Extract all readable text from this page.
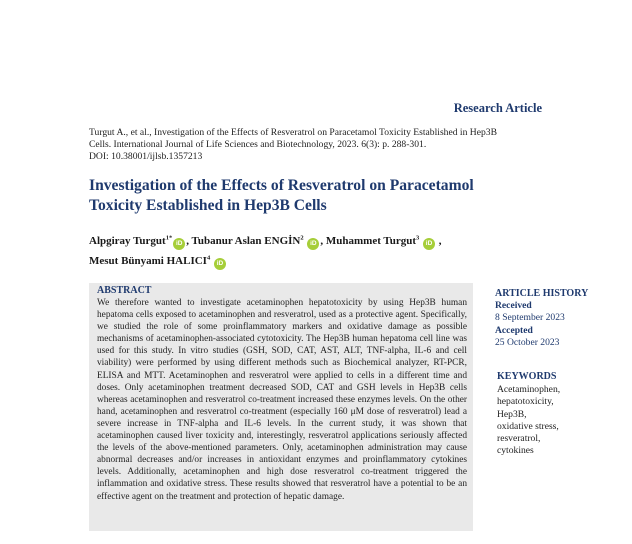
Research Article
Turgut A., et al., Investigation of the Effects of Resveratrol on Paracetamol Toxicity Established in Hep3B
Cells. International Journal of Life Sciences and Biotechnology, 2023. 6(3): p. 288-301.
DOI: 10.38001/ijlsb.1357213
Investigation of the Effects of Resveratrol on Paracetamol
Toxicity Established in Hep3B Cells
Alpgiray Turgut$^{1*}$iD , Tubanur Aslan ENGİN$^2$ iD , Muhammet Turgut$^3$ iD ,
Mesut Bünyami HALICI$^4$ iD
ABSTRACT
We therefore wanted to investigate acetaminophen hepatotoxicity by using Hep3B human hepatoma cells exposed to acetaminophen and resveratrol, used as a protective agent. Specifically, we studied the role of some proinflammatory markers and oxidative damage as possible mechanisms of acetaminophen-associated cytotoxicity. The Hep3B human hepatoma cell line was used for this study. In vitro studies (GSH, SOD, CAT, AST, ALT, TNF-alpha, IL-6 and cell viability) were performed by using different methods such as Biochemical analyzer, RT-PCR, ELISA and MTT. Acetaminophen and resveratrol were applied to cells in a different time and doses. Only acetaminophen treatment decreased SOD, CAT and GSH levels in Hep3B cells whereas acetaminophen and resveratrol co-treatment increased these enzymes levels. On the other hand, acetaminophen and resveratrol co-treatment (especially 160 μM dose of resveratrol) lead a severe increase in TNF-alpha and IL-6 levels. In the current study, it was shown that acetaminophen caused liver toxicity and, interestingly, resveratrol applications seriously affected the levels of the above-mentioned parameters. Only, acetaminophen administration may cause abnormal decreases and/or increases in antioxidant enzymes and proinflammatory cytokines levels. Additionally, acetaminophen and high dose resveratrol co-treatment triggered the inflammation and oxidative stress. These results showed that resveratrol have a potential to be an effective agent on the treatment and protection of hepatic damage.
ARTICLE HISTORY
Received
8 September 2023
Accepted
25 October 2023
KEYWORDS
Acetaminophen,
hepatotoxicity,
Hep3B,
oxidative stress,
resveratrol,
cytokines
